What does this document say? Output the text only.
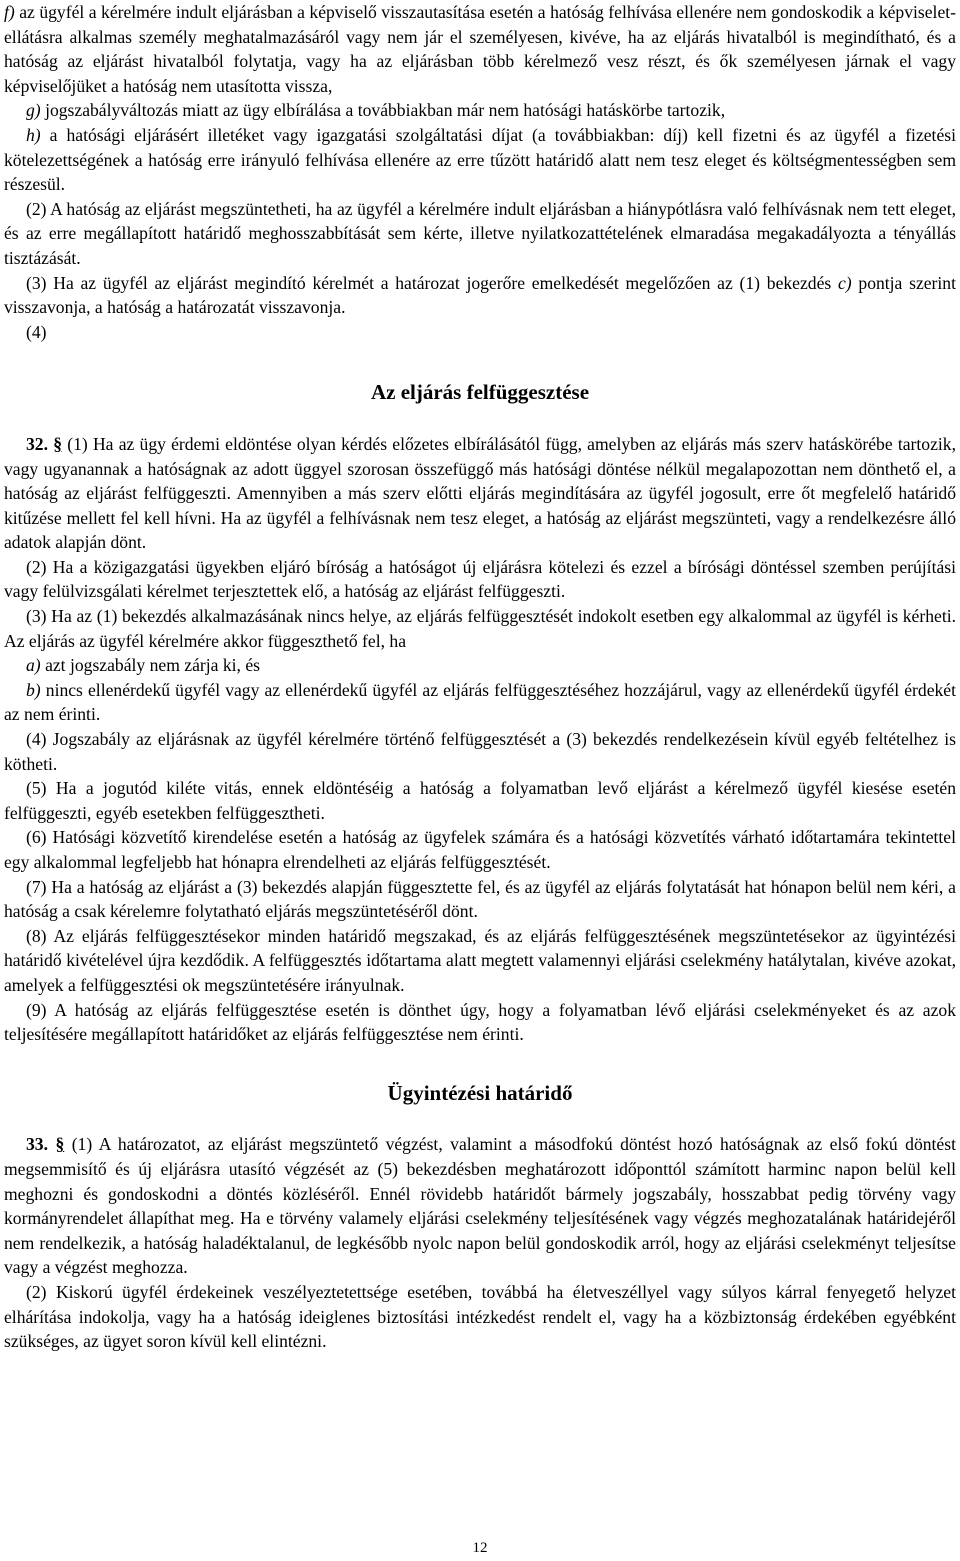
f) az ügyfél a kérelmére indult eljárásban a képviselő visszautasítása esetén a hatóság felhívása ellenére nem gondoskodik a képviselet-ellátásra alkalmas személy meghatalmazásáról vagy nem jár el személyesen, kivéve, ha az eljárás hivatalból is megindítható, és a hatóság az eljárást hivatalból folytatja, vagy ha az eljárásban több kérelmező vesz részt, és ők személyesen járnak el vagy képviselőjüket a hatóság nem utasította vissza,

g) jogszabályváltozás miatt az ügy elbírálása a továbbiakban már nem hatósági hatáskörbe tartozik,

h) a hatósági eljárásért illetéket vagy igazgatási szolgáltatási díjat (a továbbiakban: díj) kell fizetni és az ügyfél a fizetési kötelezettségének a hatóság erre irányuló felhívása ellenére az erre tűzött határidő alatt nem tesz eleget és költségmentességben sem részesül.

(2) A hatóság az eljárást megszüntetheti, ha az ügyfél a kérelmére indult eljárásban a hiánypótlásra való felhívásnak nem tett eleget, és az erre megállapított határidő meghosszabbítását sem kérte, illetve nyilatkozattételének elmaradása megakadályozta a tényállás tisztázását.

(3) Ha az ügyfél az eljárást megindító kérelmét a határozat jogerőre emelkedését megelőzően az (1) bekezdés c) pontja szerint visszavonja, a hatóság a határozatát visszavonja.

(4)

Az eljárás felfüggesztése

32. § (1) Ha az ügy érdemi eldöntése olyan kérdés előzetes elbírálásától függ, amelyben az eljárás más szerv hatáskörébe tartozik, vagy ugyanannak a hatóságnak az adott üggyel szorosan összefüggő más hatósági döntése nélkül megalapozottan nem dönthető el, a hatóság az eljárást felfüggeszti. Amennyiben a más szerv előtti eljárás megindítására az ügyfél jogosult, erre őt megfelelő határidő kitűzése mellett fel kell hívni. Ha az ügyfél a felhívásnak nem tesz eleget, a hatóság az eljárást megszünteti, vagy a rendelkezésre álló adatok alapján dönt.

(2) Ha a közigazgatási ügyekben eljáró bíróság a hatóságot új eljárásra kötelezi és ezzel a bírósági döntéssel szemben perújítási vagy felülvizsgálati kérelmet terjesztettek elő, a hatóság az eljárást felfüggeszti.

(3) Ha az (1) bekezdés alkalmazásának nincs helye, az eljárás felfüggesztését indokolt esetben egy alkalommal az ügyfél is kérheti. Az eljárás az ügyfél kérelmére akkor függeszthető fel, ha

a) azt jogszabály nem zárja ki, és

b) nincs ellenérdekű ügyfél vagy az ellenérdekű ügyfél az eljárás felfüggesztéséhez hozzájárul, vagy az ellenérdekű ügyfél érdekét az nem érinti.

(4) Jogszabály az eljárásnak az ügyfél kérelmére történő felfüggesztését a (3) bekezdés rendelkezésein kívül egyéb feltételhez is kötheti.

(5) Ha a jogutód kiléte vitás, ennek eldöntéséig a hatóság a folyamatban levő eljárást a kérelmező ügyfél kiesése esetén felfüggeszti, egyéb esetekben felfüggesztheti.

(6) Hatósági közvetítő kirendelése esetén a hatóság az ügyfelek számára és a hatósági közvetítés várható időtartamára tekintettel egy alkalommal legfeljebb hat hónapra elrendelheti az eljárás felfüggesztését.

(7) Ha a hatóság az eljárást a (3) bekezdés alapján függesztette fel, és az ügyfél az eljárás folytatását hat hónapon belül nem kéri, a hatóság a csak kérelemre folytatható eljárás megszüntetéséről dönt.

(8) Az eljárás felfüggesztésekor minden határidő megszakad, és az eljárás felfüggesztésének megszüntetésekor az ügyintézési határidő kivételével újra kezdődik. A felfüggesztés időtartama alatt megtett valamennyi eljárási cselekmény hatálytalan, kivéve azokat, amelyek a felfüggesztési ok megszüntetésére irányulnak.

(9) A hatóság az eljárás felfüggesztése esetén is dönthet úgy, hogy a folyamatban lévő eljárási cselekményeket és az azok teljesítésére megállapított határidőket az eljárás felfüggesztése nem érinti.

Ügyintézési határidő

33. § (1) A határozatot, az eljárást megszüntető végzést, valamint a másodfokú döntést hozó hatóságnak az első fokú döntést megsemmisítő és új eljárásra utasító végzését az (5) bekezdésben meghatározott időponttól számított harminc napon belül kell meghozni és gondoskodni a döntés közléséről. Ennél rövidebb határidőt bármely jogszabály, hosszabbat pedig törvény vagy kormányrendelet állapíthat meg. Ha e törvény valamely eljárási cselekmény teljesítésének vagy végzés meghozatalának határidejéről nem rendelkezik, a hatóság haladéktalanul, de legkésőbb nyolc napon belül gondoskodik arról, hogy az eljárási cselekményt teljesítse vagy a végzést meghozza.

(2) Kiskorú ügyfél érdekeinek veszélyeztetettsége esetében, továbbá ha életveszéllyel vagy súlyos kárral fenyegető helyzet elhárítása indokolja, vagy ha a hatóság ideiglenes biztosítási intézkedést rendelt el, vagy ha a közbiztonság érdekében egyébként szükséges, az ügyet soron kívül kell elintézni.

12
